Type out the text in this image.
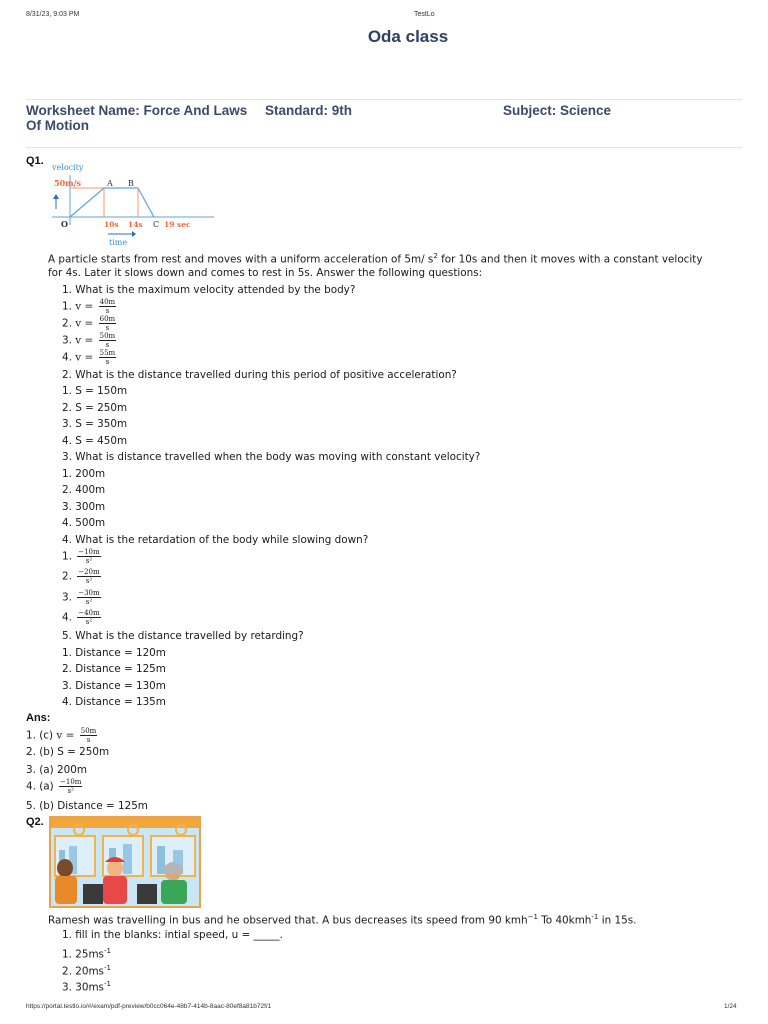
8/31/23, 9:03 PM	TestLo
Oda class
Worksheet Name: Force And Laws
Of Motion
Standard: 9th	Subject: Science
Q1.
velocity
50m/s	A B
O	10s 14s C 19 sec
time
A particle starts from rest and moves with a uniform acceleration of 5m/ $s^2$ for 10s and then it moves with a constant velocity
for 4s. Later it slows down and comes to rest in 5s. Answer the following questions:
1. What is the maximum velocity attended by the body?
1. $v = \frac{40m}{s}$
2. $v = \frac{60m}{s}$
3. $v = \frac{50m}{s}$
4. $v = \frac{55m}{s}$
2. What is the distance travelled during this period of positive acceleration?
1. S = 150m
2. S = 250m
3. S = 350m
4. S = 450m
3. What is distance travelled when the body was moving with constant velocity?
1. 200m
2. 400m
3. 300m
4. 500m
4. What is the retardation of the body while slowing down?
1. $\frac{-10m}{\text{s²}}$
2. $\frac{-20m}{\text{s²}}$
3. $\frac{-30m}{\text{s²}}$
4. $\frac{-40m}{\text{s²}}$
5. What is the distance travelled by retarding?
1. Distance = 120m
2. Distance = 125m
3. Distance = 130m
4. Distance = 135m
Ans:
1. (c) $v = \frac{50m}{s}$
2. (b) S = 250m
3. (a) 200m
4. $(a) \frac{-10m}{\text{s²}}$
5. (b) Distance = 125m
Q2.
Ramesh was travelling in bus and he observed that. A bus decreases its speed from 90 kmh$^{-1}$ To 40kmh$^{-1}$ in 15s.
1. fill in the blanks: intial speed, u = _____.
1. $25ms^{-1}$
2. $20ms^{-1}$
3. $30ms^{-1}$
https://portal.testlo.io/#/exam/pdf-preview/b0cc064e-48b7-414b-8aac-80ef8a81b72f/1	1/24
